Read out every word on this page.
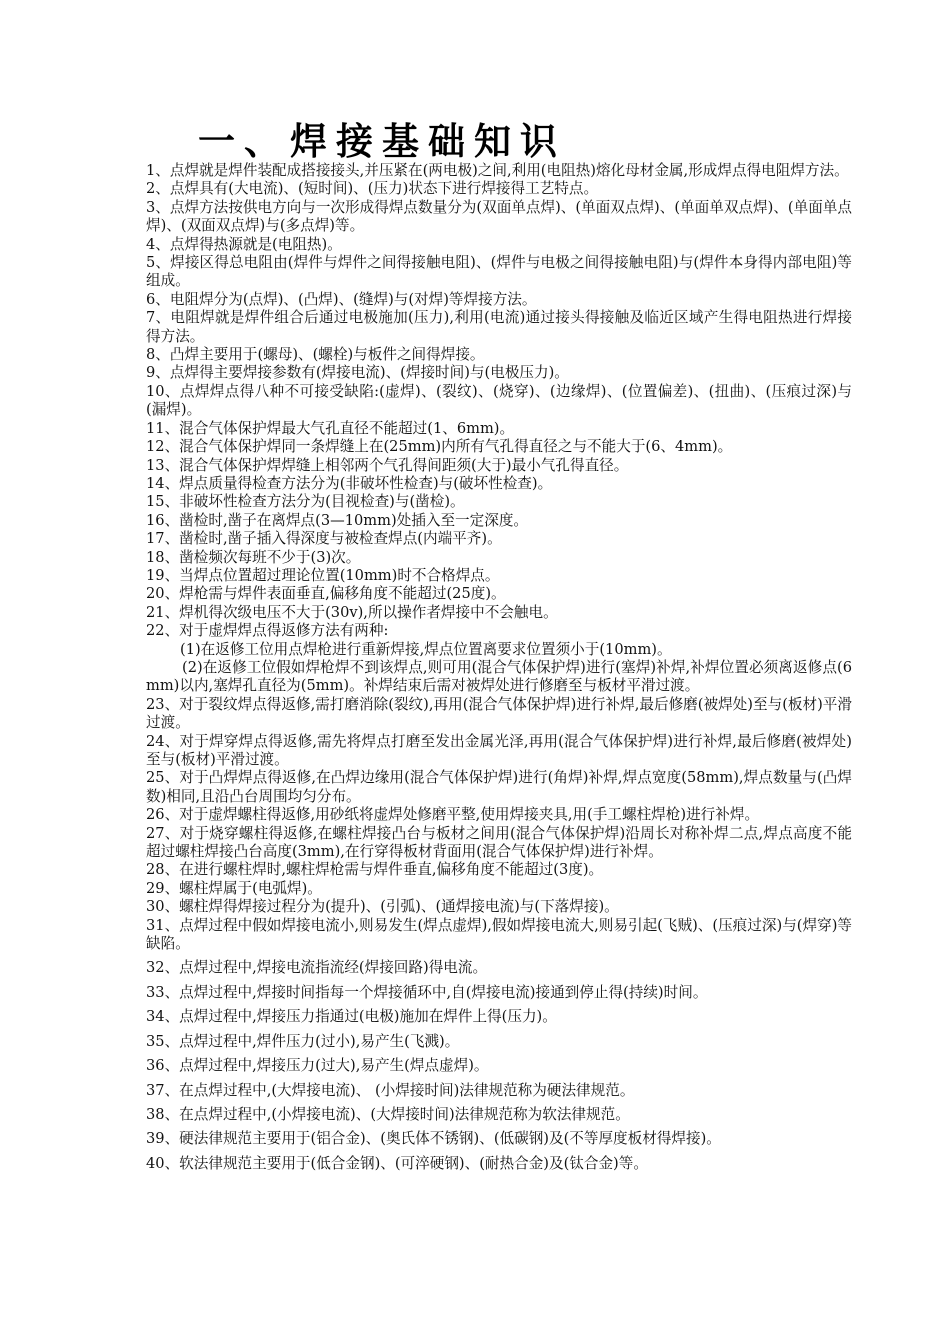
一、焊接基础知识

1、点焊就是焊件装配成搭接接头,并压紧在(两电极)之间,利用(电阻热)熔化母材金属,形成焊点得电阻焊方法。

2、点焊具有(大电流)、(短时间)、(压力)状态下进行焊接得工艺特点。

3、点焊方法按供电方向与一次形成得焊点数量分为(双面单点焊)、(单面双点焊)、(单面单双点焊)、(单面单点焊)、(双面双点焊)与(多点焊)等。

4、点焊得热源就是(电阻热)。

5、焊接区得总电阻由(焊件与焊件之间得接触电阻)、(焊件与电极之间得接触电阻)与(焊件本身得内部电阻)等组成。

6、电阻焊分为(点焊)、(凸焊)、(缝焊)与(对焊)等焊接方法。

7、电阻焊就是焊件组合后通过电极施加(压力),利用(电流)通过接头得接触及临近区域产生得电阻热进行焊接得方法。

8、凸焊主要用于(螺母)、(螺栓)与板件之间得焊接。

9、点焊得主要焊接参数有(焊接电流)、(焊接时间)与(电极压力)。

10、点焊焊点得八种不可接受缺陷:(虚焊)、(裂纹)、(烧穿)、(边缘焊)、(位置偏差)、(扭曲)、(压痕过深)与(漏焊)。

11、混合气体保护焊最大气孔直径不能超过(1、6mm)。

12、混合气体保护焊同一条焊缝上在(25mm)内所有气孔得直径之与不能大于(6、4mm)。

13、混合气体保护焊焊缝上相邻两个气孔得间距须(大于)最小气孔得直径。

14、焊点质量得检查方法分为(非破坏性检查)与(破坏性检查)。

15、非破坏性检查方法分为(目视检查)与(凿检)。

16、凿检时,凿子在离焊点(3—10mm)处插入至一定深度。

17、凿检时,凿子插入得深度与被检查焊点(内端平齐)。

18、凿检频次每班不少于(3)次。

19、当焊点位置超过理论位置(10mm)时不合格焊点。

20、焊枪需与焊件表面垂直,偏移角度不能超过(25度)。

21、焊机得次级电压不大于(30v),所以操作者焊接中不会触电。

22、对于虚焊焊点得返修方法有两种:

(1)在返修工位用点焊枪进行重新焊接,焊点位置离要求位置须小于(10mm)。

(2)在返修工位假如焊枪焊不到该焊点,则可用(混合气体保护焊)进行(塞焊)补焊,补焊位置必须离返修点(6mm)以内,塞焊孔直径为(5mm)。补焊结束后需对被焊处进行修磨至与板材平滑过渡。

23、对于裂纹焊点得返修,需打磨消除(裂纹),再用(混合气体保护焊)进行补焊,最后修磨(被焊处)至与(板材)平滑过渡。

24、对于焊穿焊点得返修,需先将焊点打磨至发出金属光泽,再用(混合气体保护焊)进行补焊,最后修磨(被焊处)至与(板材)平滑过渡。

25、对于凸焊焊点得返修,在凸焊边缘用(混合气体保护焊)进行(角焊)补焊,焊点宽度(58mm),焊点数量与(凸焊数)相同,且沿凸台周围均匀分布。

26、对于虚焊螺柱得返修,用砂纸将虚焊处修磨平整,使用焊接夹具,用(手工螺柱焊枪)进行补焊。

27、对于烧穿螺柱得返修,在螺柱焊接凸台与板材之间用(混合气体保护焊)沿周长对称补焊二点,焊点高度不能超过螺柱焊接凸台高度(3mm),在行穿得板材背面用(混合气体保护焊)进行补焊。

28、在进行螺柱焊时,螺柱焊枪需与焊件垂直,偏移角度不能超过(3度)。

29、螺柱焊属于(电弧焊)。

30、螺柱焊得焊接过程分为(提升)、(引弧)、(通焊接电流)与(下落焊接)。

31、点焊过程中假如焊接电流小,则易发生(焊点虚焊),假如焊接电流大,则易引起(飞贼)、(压痕过深)与(焊穿)等缺陷。

32、点焊过程中,焊接电流指流经(焊接回路)得电流。

33、点焊过程中,焊接时间指每一个焊接循环中,自(焊接电流)接通到停止得(持续)时间。

34、点焊过程中,焊接压力指通过(电极)施加在焊件上得(压力)。

35、点焊过程中,焊件压力(过小),易产生(飞溅)。

36、点焊过程中,焊接压力(过大),易产生(焊点虚焊)。

37、在点焊过程中,(大焊接电流)、 (小焊接时间)法律规范称为硬法律规范。

38、在点焊过程中,(小焊接电流)、(大焊接时间)法律规范称为软法律规范。

39、硬法律规范主要用于(铝合金)、(奥氏体不锈钢)、(低碳钢)及(不等厚度板材得焊接)。

40、软法律规范主要用于(低合金钢)、(可淬硬钢)、(耐热合金)及(钛合金)等。
